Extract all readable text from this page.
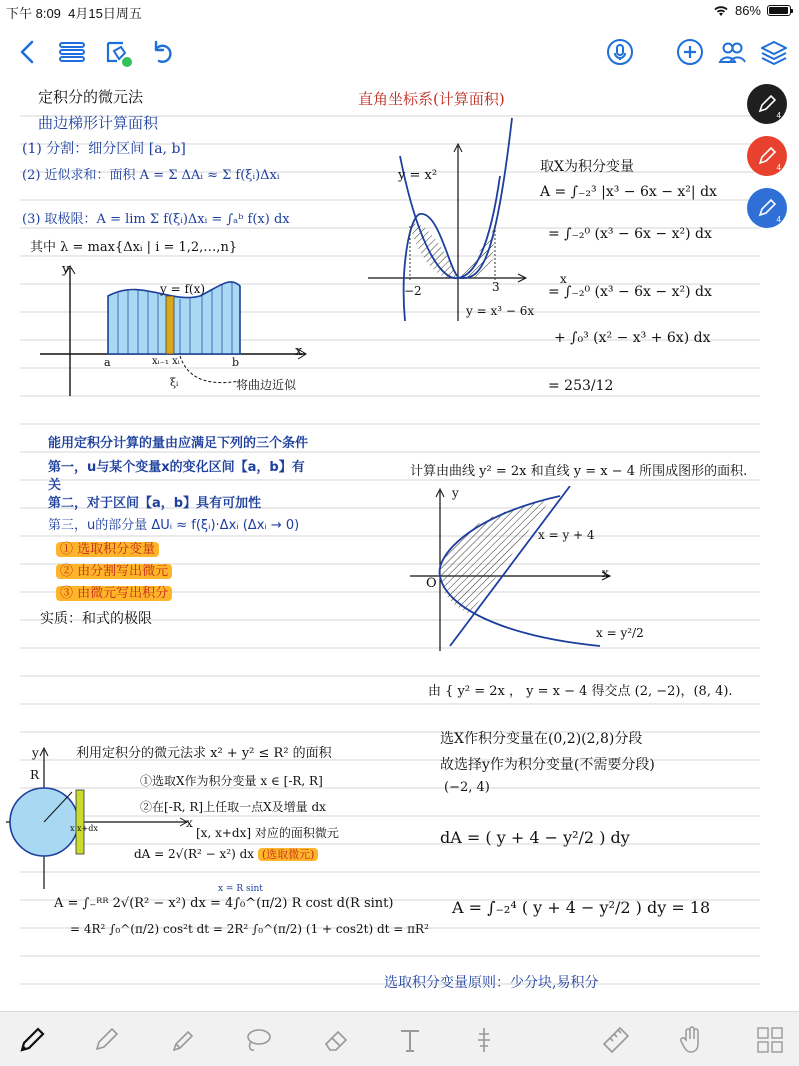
下午 8:09 4月15日周五	86%
定积分的微元法
曲边梯形计算面积
(1) 分割：细分区间 [a, b]
(2) 近似求和：面积 A = Σ ΔAᵢ ≈ Σ f(ξᵢ)Δxᵢ
(3) 取极限：A = lim Σ f(ξᵢ)Δxᵢ = ∫ₐᵇ f(x) dx
其中 λ = max{Δxᵢ | i = 1,2,…,n}
y = f(x)
y
x
a	b
xᵢ₋₁ xᵢ
ξᵢ	将曲边近似
能用定积分计算的量由应满足下列的三个条件
第一，u与某个变量x的变化区间【a，b】有
关
第二，对于区间【a，b】具有可加性
第三，u的部分量 ΔUᵢ ≈ f(ξᵢ)·Δxᵢ (Δxᵢ → 0)
① 选取积分变量
② 由分割写出微元
③ 由微元写出积分
实质：和式的极限
利用定积分的微元法求 x² + y² ≤ R² 的面积
①选取X作为积分变量 x ∈ [-R, R]
②在[-R, R]上任取一点X及增量 dx
[x, x+dx] 对应的面积微元
dA = 2√(R² − x²) dx (选取微元)
R
y
x
x x+dx
x = R sint
A = ∫₋ᴿᴿ 2√(R² − x²) dx = 4∫₀^(π/2) R cost d(R sint)
= 4R² ∫₀^(π/2) cos²t dt = 2R² ∫₀^(π/2) (1 + cos2t) dt = πR²
直角坐标系(计算面积)
y = x²
y = x³ − 6x
−2	3
x
取X为积分变量
A = ∫₋₂³ |x³ − 6x − x²| dx
= ∫₋₂⁰ (x³ − 6x − x²) dx
= ∫₋₂⁰ (x³ − 6x − x²) dx
+ ∫₀³ (x² − x³ + 6x) dx
= 253/12
计算由曲线 y² = 2x 和直线 y = x − 4 所围成图形的面积.
x = y + 4
x = y²/2
O
x
y
由 { y² = 2x ， y = x − 4 得交点 (2, −2)，(8, 4).
选X作积分变量在(0,2)(2,8)分段
故选择y作为积分变量(不需要分段)
(−2, 4)
dA = ( y + 4 − y²/2 ) dy
A = ∫₋₂⁴ ( y + 4 − y²/2 ) dy = 18
选取积分变量原则：少分块,易积分
4
4
4
